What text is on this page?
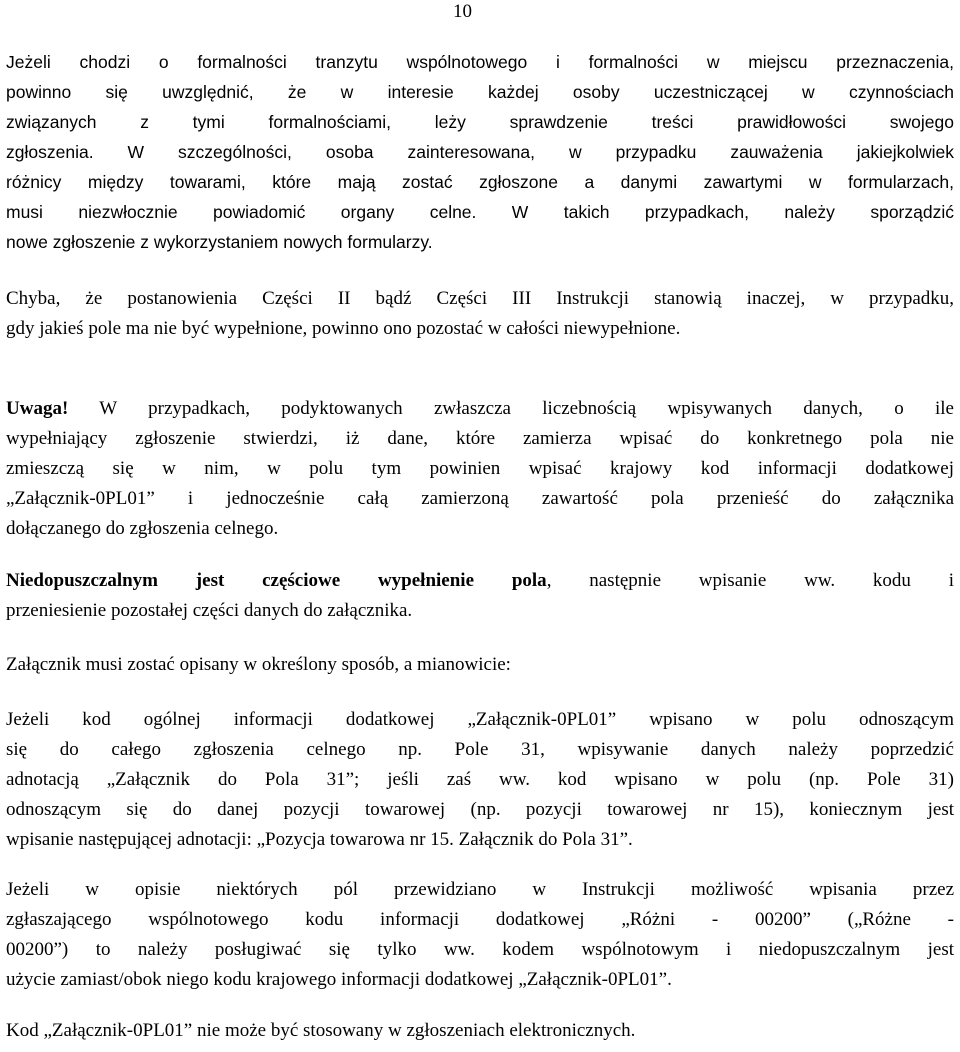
10
Jeżeli chodzi o formalności tranzytu wspólnotowego i formalności w miejscu przeznaczenia,
powinno się uwzględnić, że w interesie każdej osoby uczestniczącej w czynnościach
związanych z tymi formalnościami, leży sprawdzenie treści prawidłowości swojego
zgłoszenia. W szczególności, osoba zainteresowana, w przypadku zauważenia jakiejkolwiek
różnicy między towarami, które mają zostać zgłoszone a danymi zawartymi w formularzach,
musi niezwłocznie powiadomić organy celne. W takich przypadkach, należy sporządzić
nowe zgłoszenie z wykorzystaniem nowych formularzy.
Chyba, że postanowienia Części II bądź Części III Instrukcji stanowią inaczej, w przypadku,
gdy jakieś pole ma nie być wypełnione, powinno ono pozostać w całości niewypełnione.
Uwaga! W przypadkach, podyktowanych zwłaszcza liczebnością wpisywanych danych, o ile
wypełniający zgłoszenie stwierdzi, iż dane, które zamierza wpisać do konkretnego pola nie
zmieszczą się w nim, w polu tym powinien wpisać krajowy kod informacji dodatkowej
„Załącznik-0PL01” i jednocześnie całą zamierzoną zawartość pola przenieść do załącznika
dołączanego do zgłoszenia celnego.
Niedopuszczalnym jest częściowe wypełnienie pola, następnie wpisanie ww. kodu i
przeniesienie pozostałej części danych do załącznika.
Załącznik musi zostać opisany w określony sposób, a mianowicie:
Jeżeli kod ogólnej informacji dodatkowej „Załącznik-0PL01” wpisano w polu odnoszącym
się do całego zgłoszenia celnego np. Pole 31, wpisywanie danych należy poprzedzić
adnotacją „Załącznik do Pola 31”; jeśli zaś ww. kod wpisano w polu (np. Pole 31)
odnoszącym się do danej pozycji towarowej (np. pozycji towarowej nr 15), koniecznym jest
wpisanie następującej adnotacji: „Pozycja towarowa nr 15. Załącznik do Pola 31”.
Jeżeli w opisie niektórych pól przewidziano w Instrukcji możliwość wpisania przez
zgłaszającego wspólnotowego kodu informacji dodatkowej „Różni - 00200” („Różne -
00200”) to należy posługiwać się tylko ww. kodem wspólnotowym i niedopuszczalnym jest
użycie zamiast/obok niego kodu krajowego informacji dodatkowej „Załącznik-0PL01”.
Kod „Załącznik-0PL01” nie może być stosowany w zgłoszeniach elektronicznych.
